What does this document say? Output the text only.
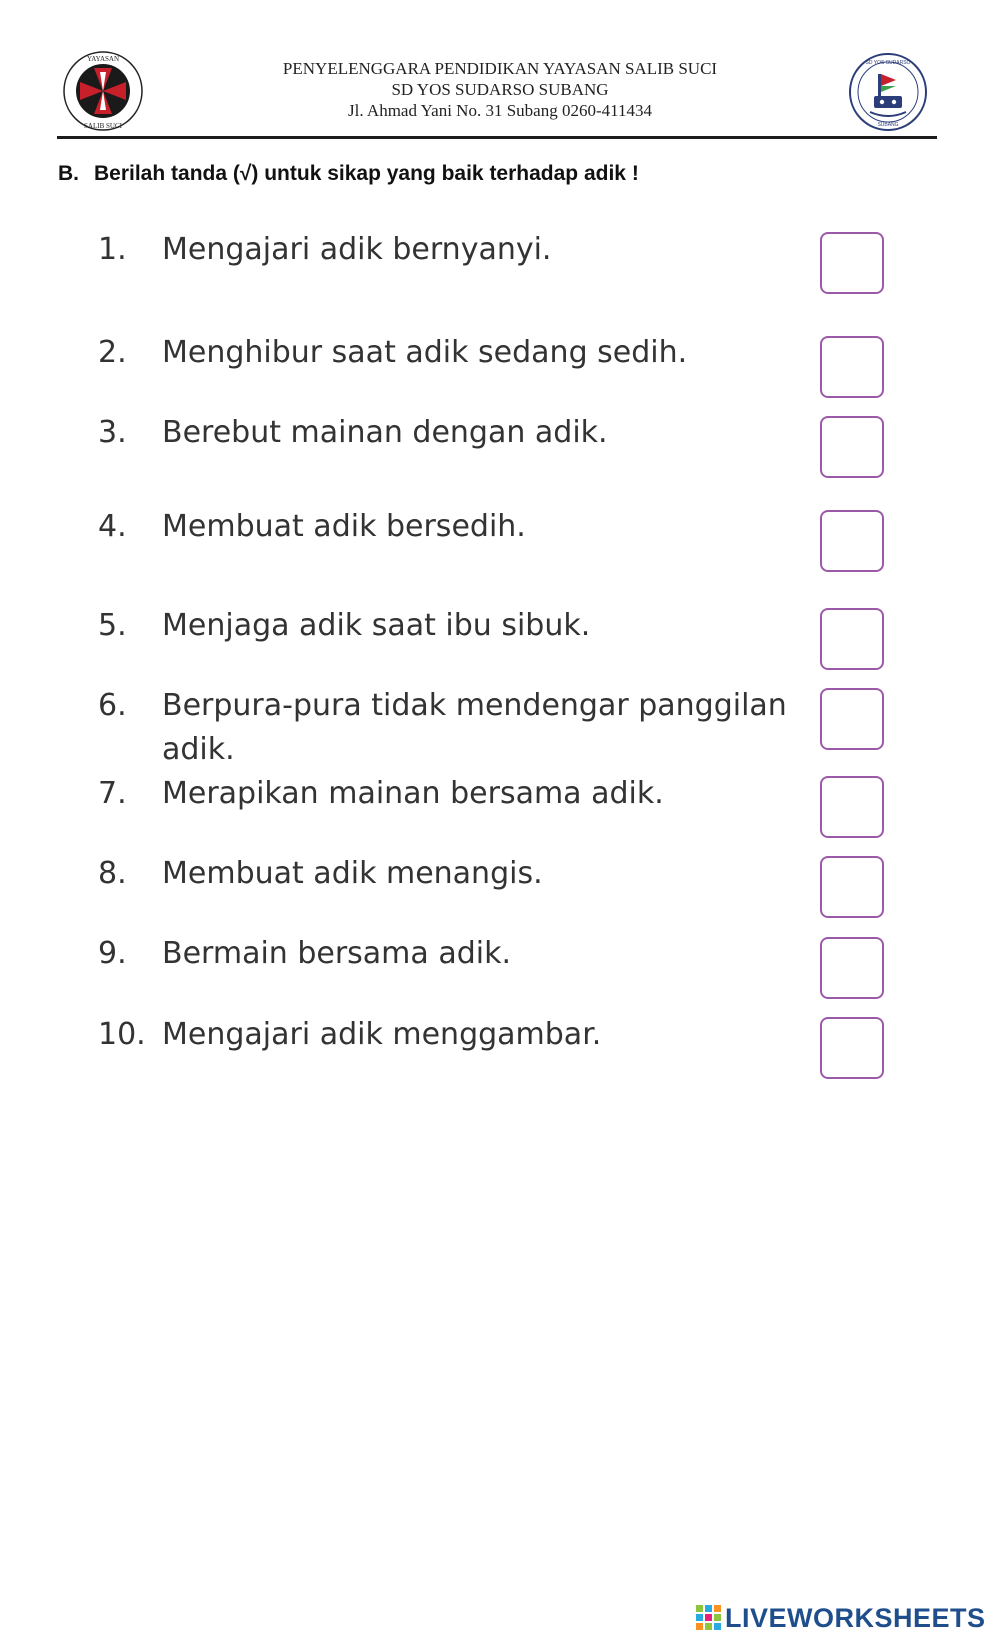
YAYASAN
SALIB SUCI
PENYELENGGARA PENDIDIKAN YAYASAN SALIB SUCI
SD YOS SUDARSO SUBANG
Jl. Ahmad Yani No. 31 Subang 0260-411434
SD YOS SUDARSO
SUBANG
B. Berilah tanda (√) untuk sikap yang baik terhadap adik !
1. Mengajari adik bernyanyi.
2. Menghibur saat adik sedang sedih.
3. Berebut mainan dengan adik.
4. Membuat adik bersedih.
5. Menjaga adik saat ibu sibuk.
6. Berpura-pura tidak mendengar panggilan adik.
7. Merapikan mainan bersama adik.
8. Membuat adik menangis.
9. Bermain bersama adik.
10. Mengajari adik menggambar.
LIVEWORKSHEETS
